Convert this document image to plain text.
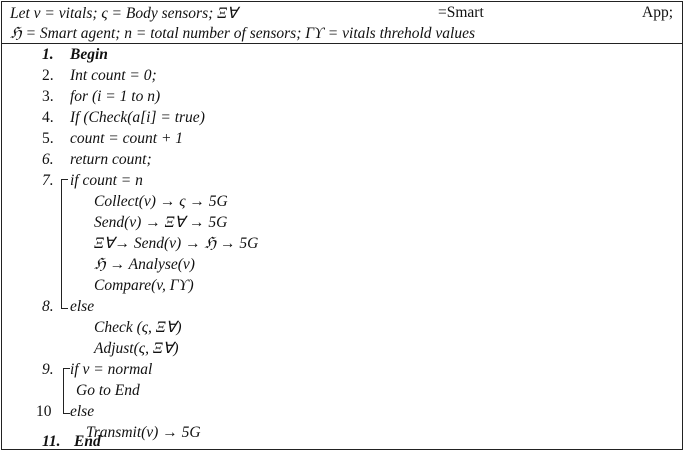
Let v = vitals; ς = Body sensors; ΞⱯ	=Smart	App;
ℌ = Smart agent; n = total number of sensors; Γϒ = vitals threhold values
1. Begin
2. Int count = 0;
3. for (i = 1 to n)
4. If (Check(a[i] = true)
5. count = count + 1
6. return count;
7. if count = n
Collect(v) → ς → 5G
Send(v) → ΞⱯ → 5G
ΞⱯ→ Send(v) → ℌ → 5G
ℌ → Analyse(v)
Compare(v, Γϒ)
8. else
Check (ς, ΞⱯ)
Adjust(ς, ΞⱯ)
9. if v = normal
Go to End
10 else
Transmit(v) → 5G
11. End
